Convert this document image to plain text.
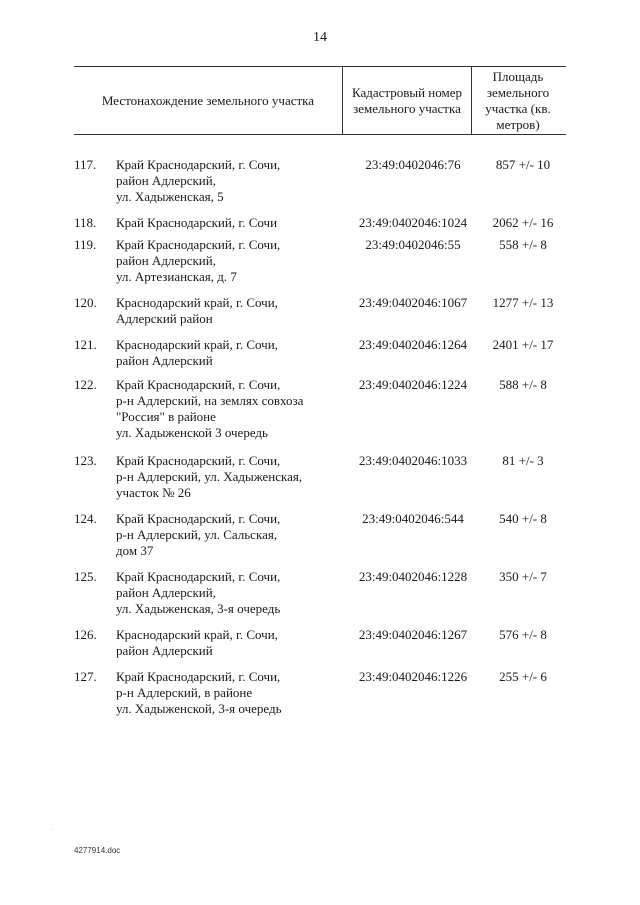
14
Местонахождение земельного участка
Кадастровый номер земельного участка
Площадь земельного участка (кв. метров)
117.	Край Краснодарский, г. Сочи,
район Адлерский,
ул. Хадыженская, 5
23:49:0402046:76	857 +/- 10
118.	Край Краснодарский, г. Сочи	23:49:0402046:1024	2062 +/- 16
119.	Край Краснодарский, г. Сочи,
район Адлерский,
ул. Артезианская, д. 7
23:49:0402046:55	558 +/- 8
120.	Краснодарский край, г. Сочи,
Адлерский район
23:49:0402046:1067	1277 +/- 13
121.	Краснодарский край, г. Сочи,
район Адлерский
23:49:0402046:1264	2401 +/- 17
122.	Край Краснодарский, г. Сочи,
р-н Адлерский, на землях совхоза
"Россия" в районе
ул. Хадыженской 3 очередь
23:49:0402046:1224	588 +/- 8
123.	Край Краснодарский, г. Сочи,
р-н Адлерский, ул. Хадыженская,
участок № 26
23:49:0402046:1033	81 +/- 3
124.	Край Краснодарский, г. Сочи,
р-н Адлерский, ул. Сальская,
дом 37
23:49:0402046:544	540 +/- 8
125.	Край Краснодарский, г. Сочи,
район Адлерский,
ул. Хадыженская, 3-я очередь
23:49:0402046:1228	350 +/- 7
126.	Краснодарский край, г. Сочи,
район Адлерский
23:49:0402046:1267	576 +/- 8
127.	Край Краснодарский, г. Сочи,
р-н Адлерский, в районе
ул. Хадыженской, 3-я очередь
23:49:0402046:1226	255 +/- 6
.
4277914.doc
